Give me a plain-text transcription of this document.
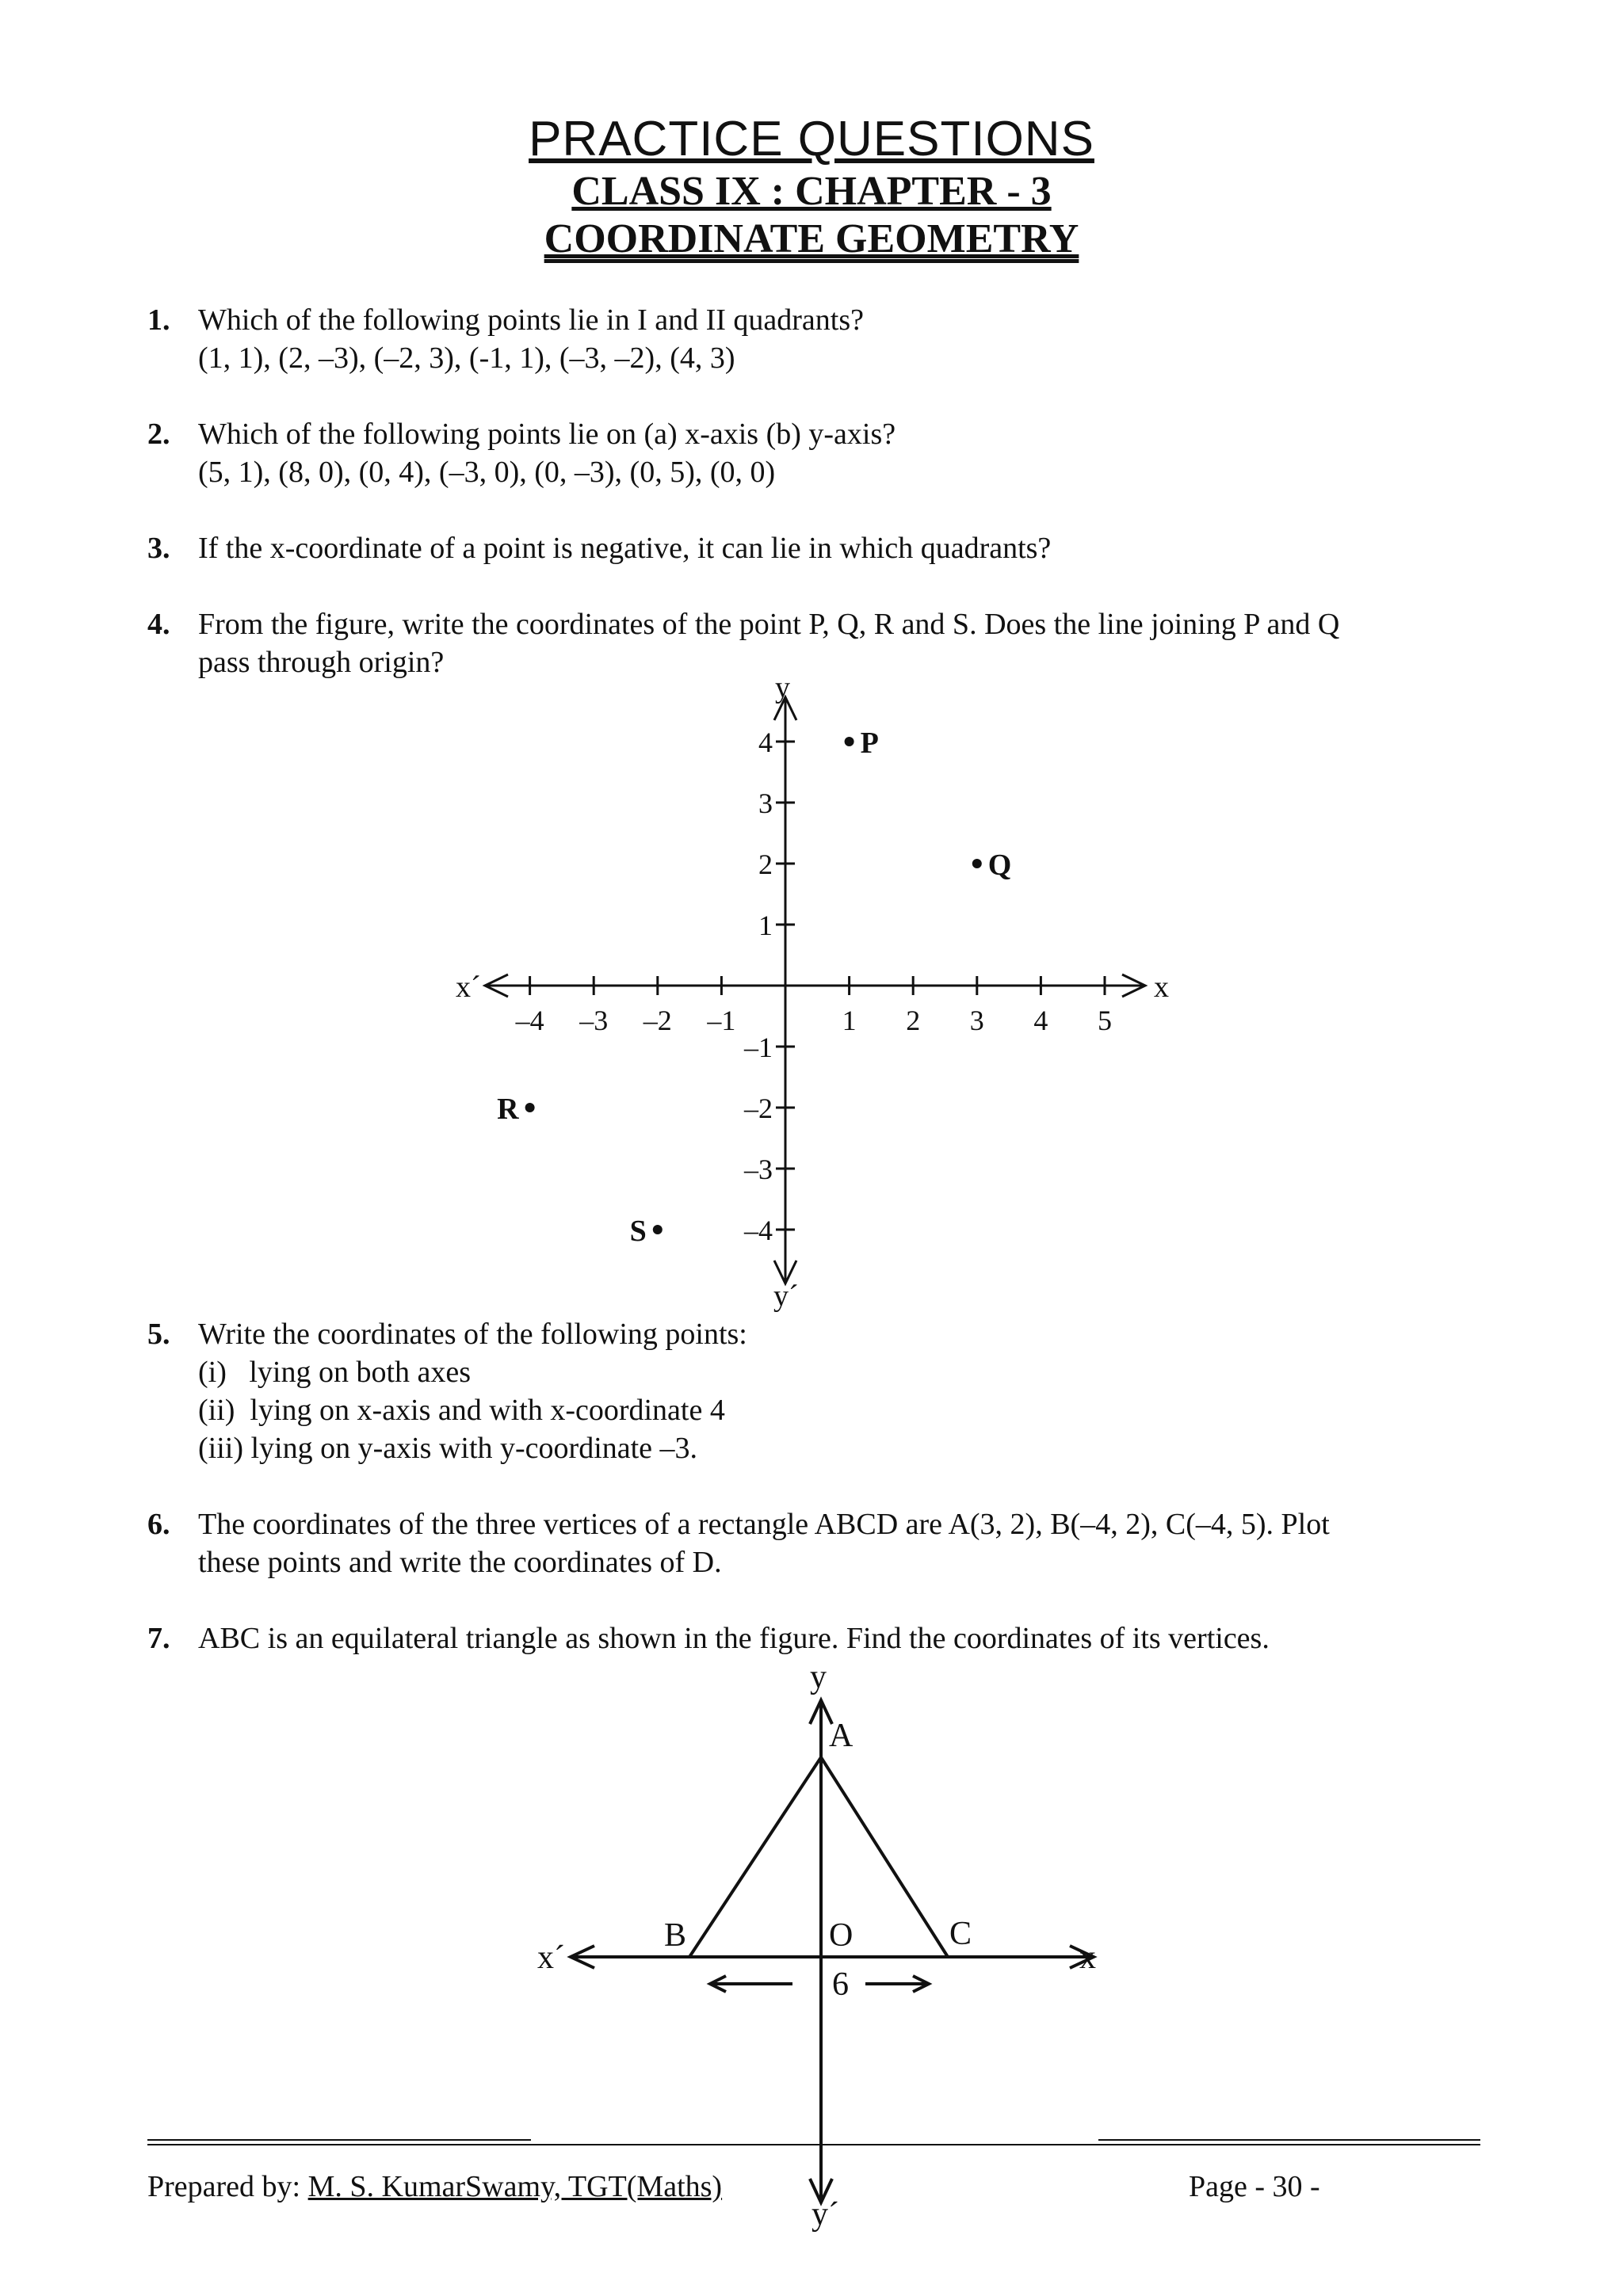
PRACTICE QUESTIONS
CLASS IX : CHAPTER - 3
COORDINATE GEOMETRY
1. Which of the following points lie in I and II quadrants?
(1, 1), (2, –3), (–2, 3), (-1, 1), (–3, –2), (4, 3)
2. Which of the following points lie on (a) x-axis (b) y-axis?
(5, 1), (8, 0), (0, 4), (–3, 0), (0, –3), (0, 5), (0, 0)
3. If the x-coordinate of a point is negative, it can lie in which quadrants?
4. From the figure, write the coordinates of the point P, Q, R and S. Does the line joining P and Q
pass through origin?
x
x´
y
y´
–4 –3 –2 –1	1 2 3 4 5
4
3
2
1
–1
–2
–3
–4
P
Q
R
S
5. Write the coordinates of the following points:
(i)   lying on both axes
(ii)  lying on x-axis and with x-coordinate 4
(iii) lying on y-axis with y-coordinate –3.
6. The coordinates of the three vertices of a rectangle ABCD are A(3, 2), B(–4, 2), C(–4, 5). Plot
these points and write the coordinates of D.
7. ABC is an equilateral triangle as shown in the figure. Find the coordinates of its vertices.
x
x´
y
y´
A
B	C
O
6
Prepared by: M. S. KumarSwamy, TGT(Maths)	Page - 30 -
